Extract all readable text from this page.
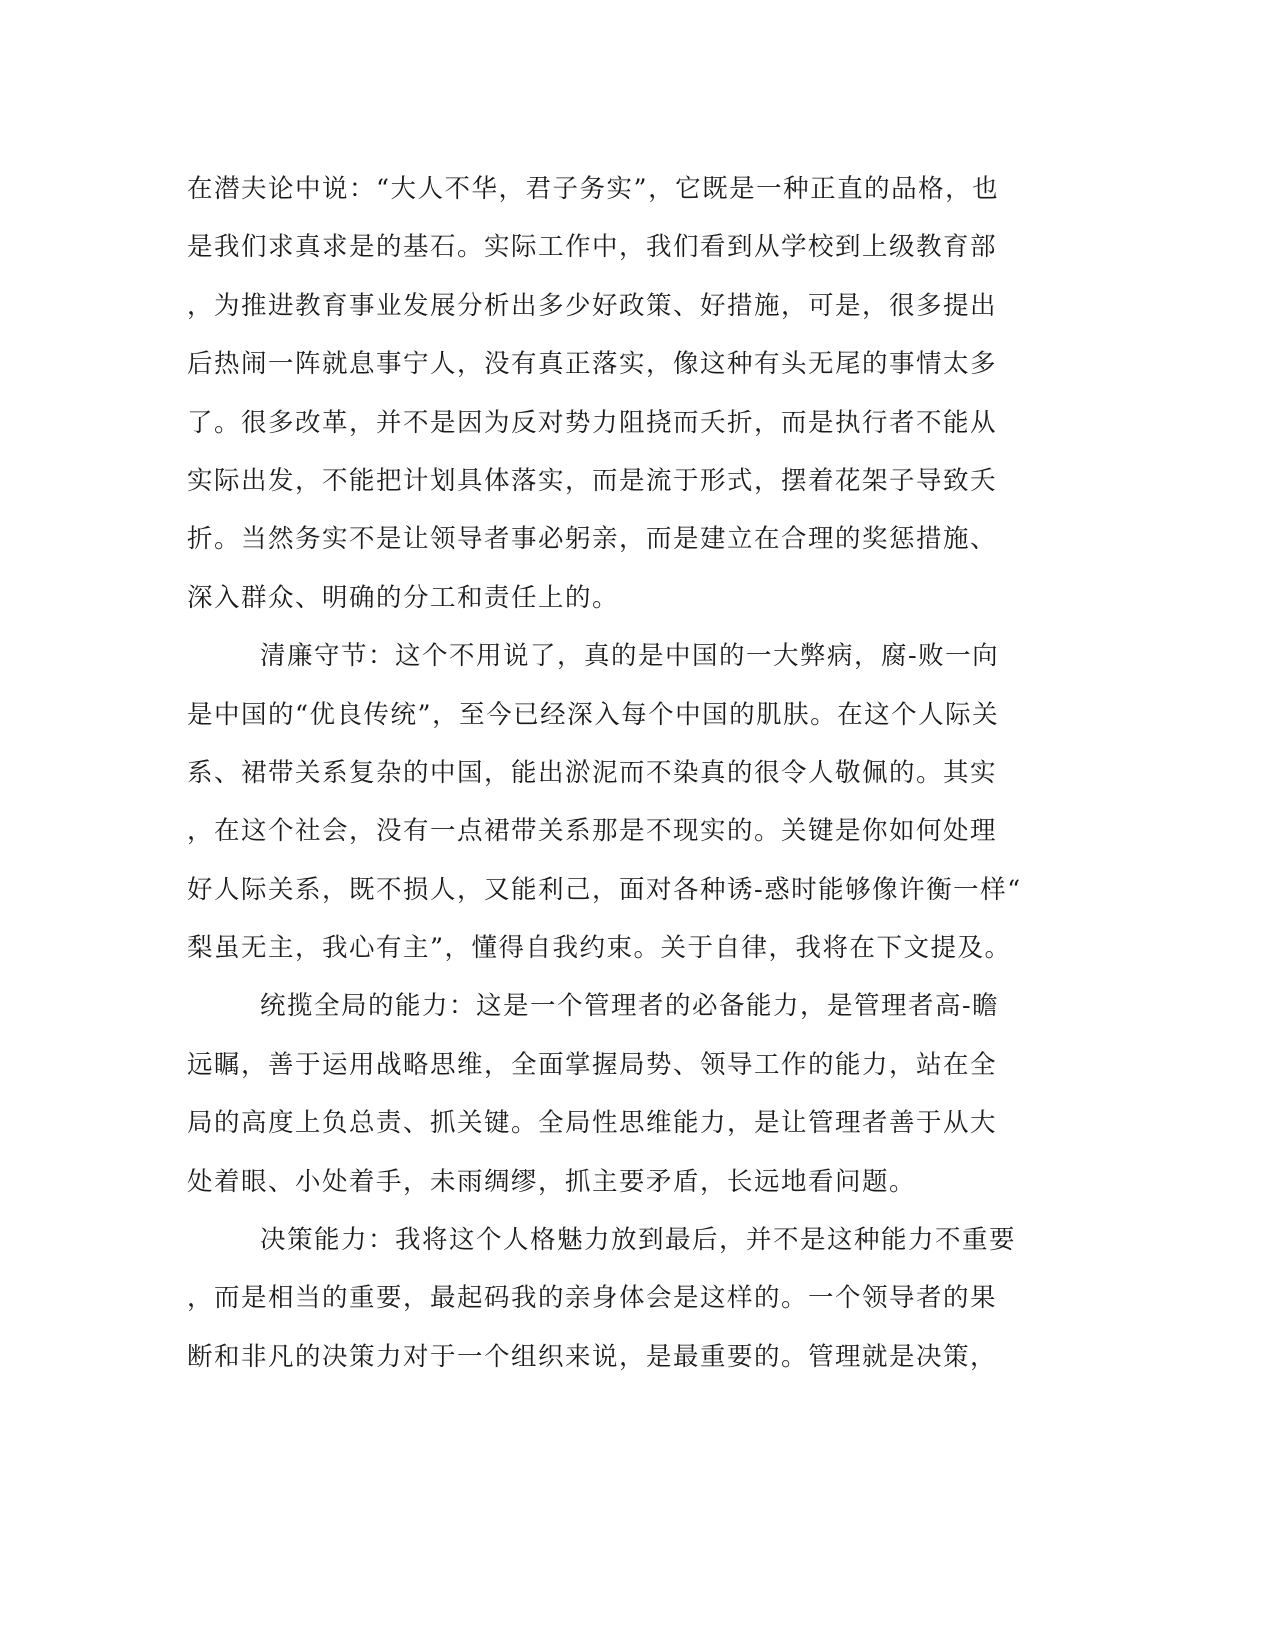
在潜夫论中说：“大人不华，君子务实”，它既是一种正直的品格，也
是我们求真求是的基石。实际工作中，我们看到从学校到上级教育部
，为推进教育事业发展分析出多少好政策、好措施，可是，很多提出
后热闹一阵就息事宁人，没有真正落实，像这种有头无尾的事情太多
了。很多改革，并不是因为反对势力阻挠而夭折，而是执行者不能从
实际出发，不能把计划具体落实，而是流于形式，摆着花架子导致夭
折。当然务实不是让领导者事必躬亲，而是建立在合理的奖惩措施、
深入群众、明确的分工和责任上的。
清廉守节：这个不用说了，真的是中国的一大弊病，腐-败一向
是中国的“优良传统”，至今已经深入每个中国的肌肤。在这个人际关
系、裙带关系复杂的中国，能出淤泥而不染真的很令人敬佩的。其实
，在这个社会，没有一点裙带关系那是不现实的。关键是你如何处理
好人际关系，既不损人，又能利己，面对各种诱-惑时能够像许衡一样“
梨虽无主，我心有主”，懂得自我约束。关于自律，我将在下文提及。
统揽全局的能力：这是一个管理者的必备能力，是管理者高-瞻
远瞩，善于运用战略思维，全面掌握局势、领导工作的能力，站在全
局的高度上负总责、抓关键。全局性思维能力，是让管理者善于从大
处着眼、小处着手，未雨绸缪，抓主要矛盾，长远地看问题。
决策能力：我将这个人格魅力放到最后，并不是这种能力不重要
，而是相当的重要，最起码我的亲身体会是这样的。一个领导者的果
断和非凡的决策力对于一个组织来说，是最重要的。管理就是决策，
